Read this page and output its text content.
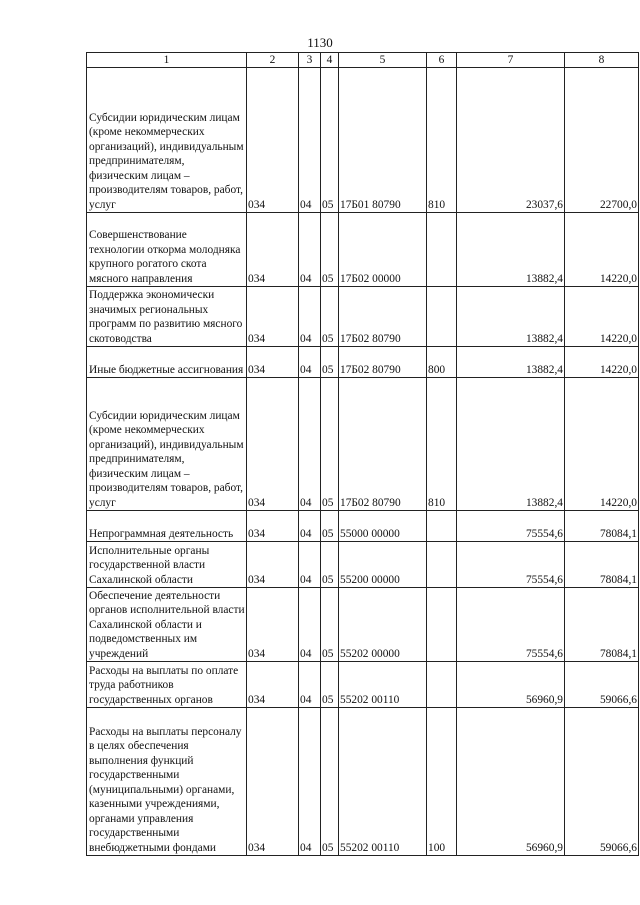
1130
1	2	3	4	5	6	7	8
Субсидии юридическим лицам (кроме некоммерческих организаций), индивидуальным предпринимателям, физическим лицам – производителям товаров, работ, услуг	034	04	05	17Б01 80790	810	23037,6	22700,0
Совершенствование технологии откорма молодняка крупного рогатого скота мясного направления	034	04	05	17Б02 00000		13882,4	14220,0
Поддержка экономически значимых региональных программ по развитию мясного скотоводства	034	04	05	17Б02 80790		13882,4	14220,0
Иные бюджетные ассигнования	034	04	05	17Б02 80790	800	13882,4	14220,0
Субсидии юридическим лицам (кроме некоммерческих организаций), индивидуальным предпринимателям, физическим лицам – производителям товаров, работ, услуг	034	04	05	17Б02 80790	810	13882,4	14220,0
Непрограммная деятельность	034	04	05	55000 00000		75554,6	78084,1
Исполнительные органы государственной власти Сахалинской области	034	04	05	55200 00000		75554,6	78084,1
Обеспечение деятельности органов исполнительной власти Сахалинской области и подведомственных им учреждений	034	04	05	55202 00000		75554,6	78084,1
Расходы на выплаты по оплате труда работников государственных органов	034	04	05	55202 00110		56960,9	59066,6
Расходы на выплаты персоналу в целях обеспечения выполнения функций государственными (муниципальными) органами, казенными учреждениями, органами управления государственными внебюджетными фондами	034	04	05	55202 00110	100	56960,9	59066,6
